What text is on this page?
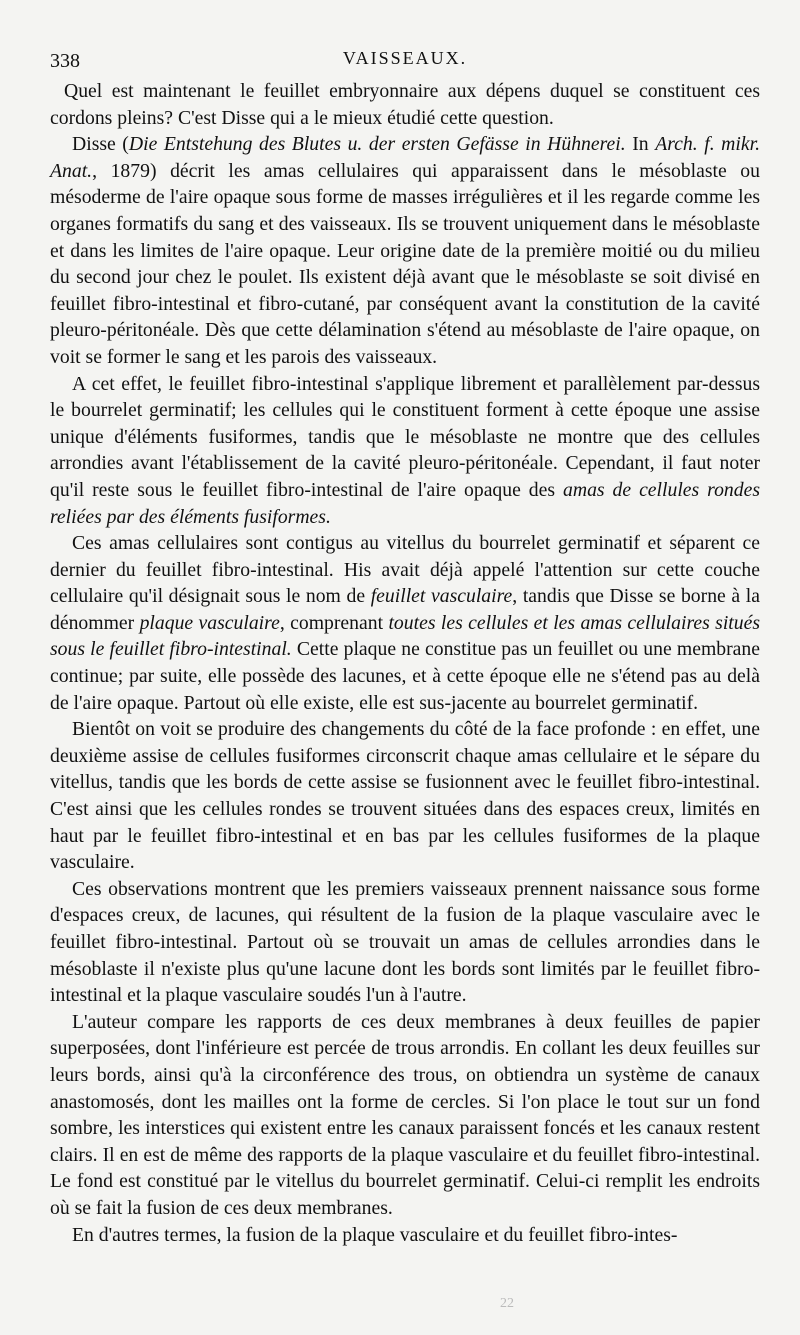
338	VAISSEAUX.

Quel est maintenant le feuillet embryonnaire aux dépens duquel se constituent ces cordons pleins? C'est Disse qui a le mieux étudié cette question.

Disse (Die Entstehung des Blutes u. der ersten Gefässe in Hühnerei. In Arch. f. mikr. Anat., 1879) décrit les amas cellulaires qui apparaissent dans le mésoblaste ou mésoderme de l'aire opaque sous forme de masses irrégulières et il les regarde comme les organes formatifs du sang et des vaisseaux. Ils se trouvent uniquement dans le mésoblaste et dans les limites de l'aire opaque. Leur origine date de la première moitié ou du milieu du second jour chez le poulet. Ils existent déjà avant que le mésoblaste se soit divisé en feuillet fibro-intestinal et fibro-cutané, par conséquent avant la constitution de la cavité pleuro-péritonéale. Dès que cette délamination s'étend au mésoblaste de l'aire opaque, on voit se former le sang et les parois des vaisseaux.

A cet effet, le feuillet fibro-intestinal s'applique librement et parallèlement par-dessus le bourrelet germinatif; les cellules qui le constituent forment à cette époque une assise unique d'éléments fusiformes, tandis que le mésoblaste ne montre que des cellules arrondies avant l'établissement de la cavité pleuro-péritonéale. Cependant, il faut noter qu'il reste sous le feuillet fibro-intestinal de l'aire opaque des amas de cellules rondes reliées par des éléments fusiformes.

Ces amas cellulaires sont contigus au vitellus du bourrelet germinatif et séparent ce dernier du feuillet fibro-intestinal. His avait déjà appelé l'attention sur cette couche cellulaire qu'il désignait sous le nom de feuillet vasculaire, tandis que Disse se borne à la dénommer plaque vasculaire, comprenant toutes les cellules et les amas cellulaires situés sous le feuillet fibro-intestinal. Cette plaque ne constitue pas un feuillet ou une membrane continue; par suite, elle possède des lacunes, et à cette époque elle ne s'étend pas au delà de l'aire opaque. Partout où elle existe, elle est sus-jacente au bourrelet germinatif.

Bientôt on voit se produire des changements du côté de la face profonde : en effet, une deuxième assise de cellules fusiformes circonscrit chaque amas cellulaire et le sépare du vitellus, tandis que les bords de cette assise se fusionnent avec le feuillet fibro-intestinal. C'est ainsi que les cellules rondes se trouvent situées dans des espaces creux, limités en haut par le feuillet fibro-intestinal et en bas par les cellules fusiformes de la plaque vasculaire.

Ces observations montrent que les premiers vaisseaux prennent naissance sous forme d'espaces creux, de lacunes, qui résultent de la fusion de la plaque vasculaire avec le feuillet fibro-intestinal. Partout où se trouvait un amas de cellules arrondies dans le mésoblaste il n'existe plus qu'une lacune dont les bords sont limités par le feuillet fibro-intestinal et la plaque vasculaire soudés l'un à l'autre.

L'auteur compare les rapports de ces deux membranes à deux feuilles de papier superposées, dont l'inférieure est percée de trous arrondis. En collant les deux feuilles sur leurs bords, ainsi qu'à la circonférence des trous, on obtiendra un système de canaux anastomosés, dont les mailles ont la forme de cercles. Si l'on place le tout sur un fond sombre, les interstices qui existent entre les canaux paraissent foncés et les canaux restent clairs. Il en est de même des rapports de la plaque vasculaire et du feuillet fibro-intestinal. Le fond est constitué par le vitellus du bourrelet germinatif. Celui-ci remplit les endroits où se fait la fusion de ces deux membranes.

En d'autres termes, la fusion de la plaque vasculaire et du feuillet fibro-intes-

22
